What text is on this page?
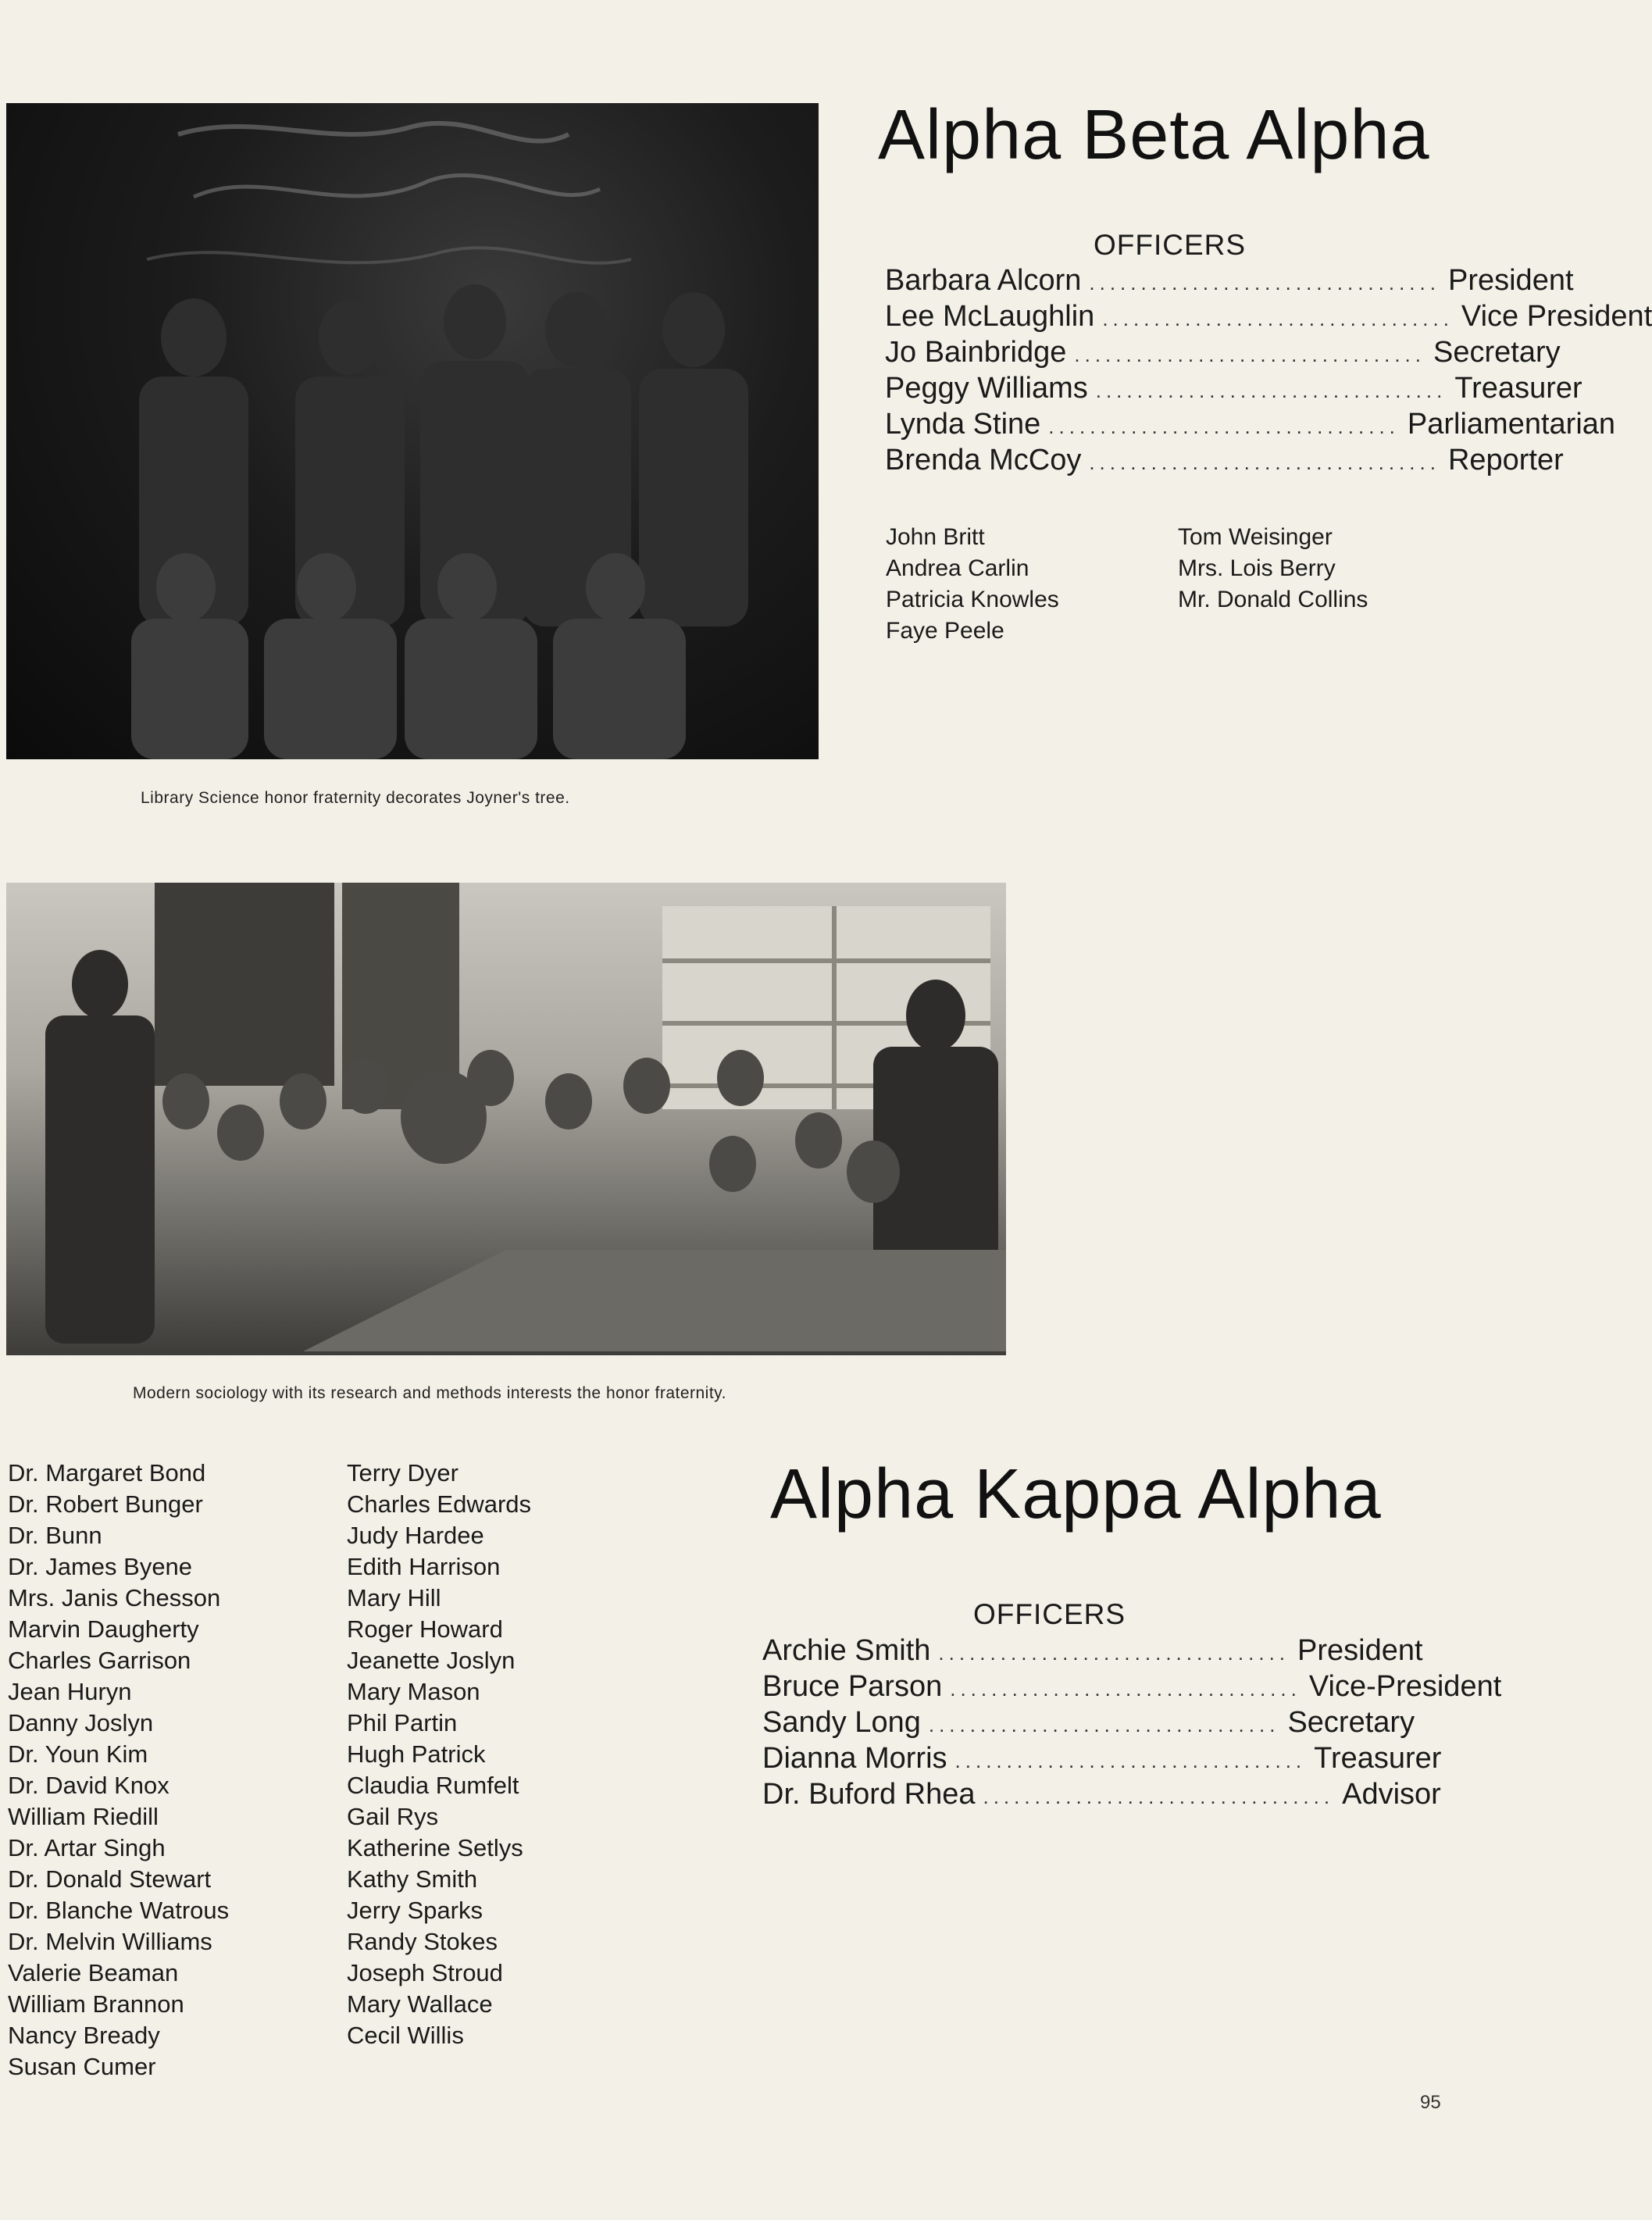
Library Science honor fraternity decorates Joyner's tree.
Alpha Beta Alpha
OFFICERS
Barbara Alcorn .................................. President
Lee McLaughlin .................................. Vice President
Jo Bainbridge .................................. Secretary
Peggy Williams .................................. Treasurer
Lynda Stine .................................. Parliamentarian
Brenda McCoy .................................. Reporter
John Britt
Andrea Carlin
Patricia Knowles
Faye Peele
Tom Weisinger
Mrs. Lois Berry
Mr. Donald Collins
Modern sociology with its research and methods interests the honor fraternity.
Dr. Margaret Bond
Dr. Robert Bunger
Dr. Bunn
Dr. James Byene
Mrs. Janis Chesson
Marvin Daugherty
Charles Garrison
Jean Huryn
Danny Joslyn
Dr. Youn Kim
Dr. David Knox
William Riedill
Dr. Artar Singh
Dr. Donald Stewart
Dr. Blanche Watrous
Dr. Melvin Williams
Valerie Beaman
William Brannon
Nancy Bready
Susan Cumer
Terry Dyer
Charles Edwards
Judy Hardee
Edith Harrison
Mary Hill
Roger Howard
Jeanette Joslyn
Mary Mason
Phil Partin
Hugh Patrick
Claudia Rumfelt
Gail Rys
Katherine Setlys
Kathy Smith
Jerry Sparks
Randy Stokes
Joseph Stroud
Mary Wallace
Cecil Willis
Alpha Kappa Alpha
OFFICERS
Archie Smith .................................. President
Bruce Parson .................................. Vice-President
Sandy Long .................................. Secretary
Dianna Morris .................................. Treasurer
Dr. Buford Rhea .................................. Advisor
95
